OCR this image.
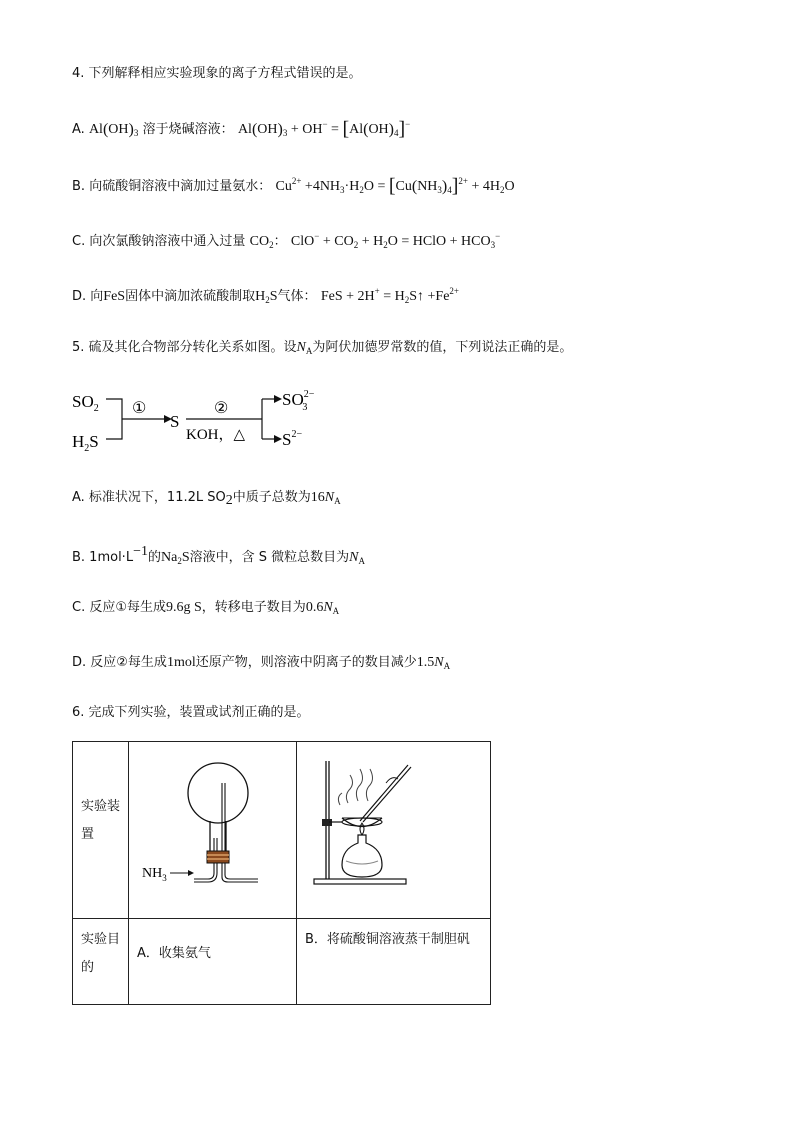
4. 下列解释相应实验现象的离子方程式错误的是。
A. $Al(OH)_3$ 溶于烧碱溶液： $Al(OH)_3 + OH^- = [Al(OH)_4]^-$
B. 向硫酸铜溶液中滴加过量氨水： $Cu^{2+} +4NH_3\cdot H_2O = [Cu(NH_3)_4]^{2+} + 4H_2O$
C. 向次氯酸钠溶液中通入过量 $CO_2$： $ClO^- + CO_2 + H_2O$ = HClO + $HCO_3^-$
D. 向FeS固体中滴加浓硫酸制取$H_2S$气体： FeS + $2H^+ = H_2S↑ +Fe^{2+}$
5. 硫及其化合物部分转化关系如图。设$N_A$为阿伏加德罗常数的值，下列说法正确的是。
$SO_2$
$H_2S$
①
S
②
KOH，△
$SO^{2-}$ 3
$S^{2-}$
A. 标准状况下，11.2L $SO_2$中质子总数为$16N_A$
B. $1mol\cdot L^{-1}$的$Na_2S$溶液中，含 S 微粒总数目为$N_A$
C. 反应①每生成9.6g S，转移电子数目为$0.6N_A$
D. 反应②每生成1mol还原产物，则溶液中阴离子的数目减少$1.5N_A$
6. 完成下列实验，装置或试剂正确的是。
实验装置	$NH_3$

实验目的	A．收集氨气	B．将硫酸铜溶液蒸干制胆矾
